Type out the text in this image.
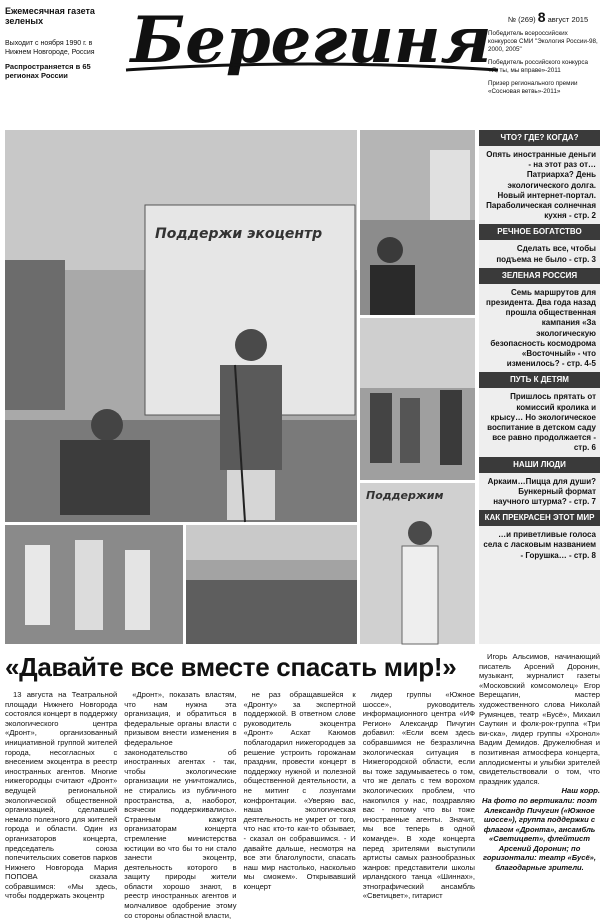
Ежемесячная газета зеленых
Выходит с ноября 1990 г. в Нижнем Новгороде, Россия
Распространяется в 65 регионах России Берегиня № (269) 8 август 2015

Победитель всероссийских конкурсов СМИ "Экология России-98, 2000, 2005"

Победитель российского конкурса «Я, ты, мы вправе»-2011

Призер регионального премии «Сосновая ветвь»-2011»

Поддержи экоцентр
Поддержим
ЧТО? ГДЕ? КОГДА?
Опять иностранные деньги - на этот раз от… Патриарха? День экологического долга. Новый интернет-портал. Параболическая солнечная кухня - стр. 2
РЕЧНОЕ БОГАТСТВО
Сделать все, чтобы подъема не было - стр. 3
ЗЕЛЕНАЯ РОССИЯ
Семь маршрутов для президента. Два года назад прошла общественная кампания «За экологическую безопасность космодрома «Восточный» - что изменилось? - стр. 4-5
ПУТЬ К ДЕТЯМ
Пришлось прятать от комиссий кролика и крысу… Но экологическое воспитание в детском саду все равно продолжается - стр. 6
НАШИ ЛЮДИ
Аркаим…Пицца для души? Бункерный формат научного штурма? - стр. 7
КАК ПРЕКРАСЕН ЭТОТ МИР
…и приветливые голоса села с ласковым названием - Горушка… - стр. 8
«Давайте все вместе спасать мир!»

13 августа на Театральной площади Нижнего Новгорода состоялся концерт в поддержку экологического центра «Дронт», организованный инициативной группой жителей города, несогласных с внесением экоцентра в реестр иностранных агентов. Многие нижегородцы считают «Дронт» ведущей региональной экологической общественной организацией, сделавшей немало полезного для жителей города и области. Один из организаторов концерта, председатель союза попечительских советов парков Нижнего Новгорода Мария ПОПОВА сказала собравшимся: «Мы здесь, чтобы поддержать экоцентр

«Дронт», показать властям, что нам нужна эта организация, и обратиться в федеральные органы власти с призывом внести изменения в федеральное законодательство об иностранных агентах - так, чтобы экологические организации не уничтожались, не стирались из публичного пространства, а, наоборот, всячески поддерживались». Странным кажутся организаторам концерта стремление министерства юстиции во что бы то ни стало занести экоцентр, деятельность которого в защиту природы жители области хорошо знают, в реестр иностранных агентов и молчаливое одобрение этому со стороны областной власти,

не раз обращавшейся к «Дронту» за экспертной поддержкой. В ответном слове руководитель экоцентра «Дронт» Асхат Каюмов поблагодарил нижегородцев за решение устроить горожанам праздник, провести концерт в поддержку нужной и полезной общественной деятельности, а не митинг с лозунгами конфронтации. «Уверяю вас, наша экологическая деятельность не умрет от того, что нас кто-то как-то обзывает, - сказал он собравшимся. - И давайте дальше, несмотря на все эти благолупости, спасать наш мир настолько, насколько мы сможем». Открывавший концерт

лидер группы «Южное шоссе», руководитель информационного центра «ИФ Регион» Александр Пичугин добавил: «Если всем здесь собравшимся не безразлична экологическая ситуация в Нижегородской области, если вы тоже задумываетесь о том, что же делать с тем ворохом экологических проблем, что накопился у нас, поздравляю вас - потому что вы тоже иностранные агенты. Значит, мы все теперь в одной команде». В ходе концерта перед зрителями выступили артисты самых разнообразных жанров: представители школы ирландского танца «Шиннах», этнографический ансамбль «Светицвет», гитарист

Игорь Альсимов, начинающий писатель Арсений Доронин, музыкант, журналист газеты «Московский комсомолец» Егор Верещагин, мастер художественного слова Николай Румянцев, театр «Бусё», Михаил Сауткин и фолк-рок-группа «Три ви-ска», лидер группы «Хронол» Вадим Демидов. Дружелюбная и позитивная атмосфера концерта, аплодисменты и улыбки зрителей свидетельствовали о том, что праздник удался.

Наш корр.

На фото по вертикали: поэт Александр Пичугин («Южное шоссе»), группа поддержки с флагом «Дронта», ансамбль «Светицвет», флейтист Арсений Доронин; по горизонтали: театр «Бусё», благодарные зрители.
